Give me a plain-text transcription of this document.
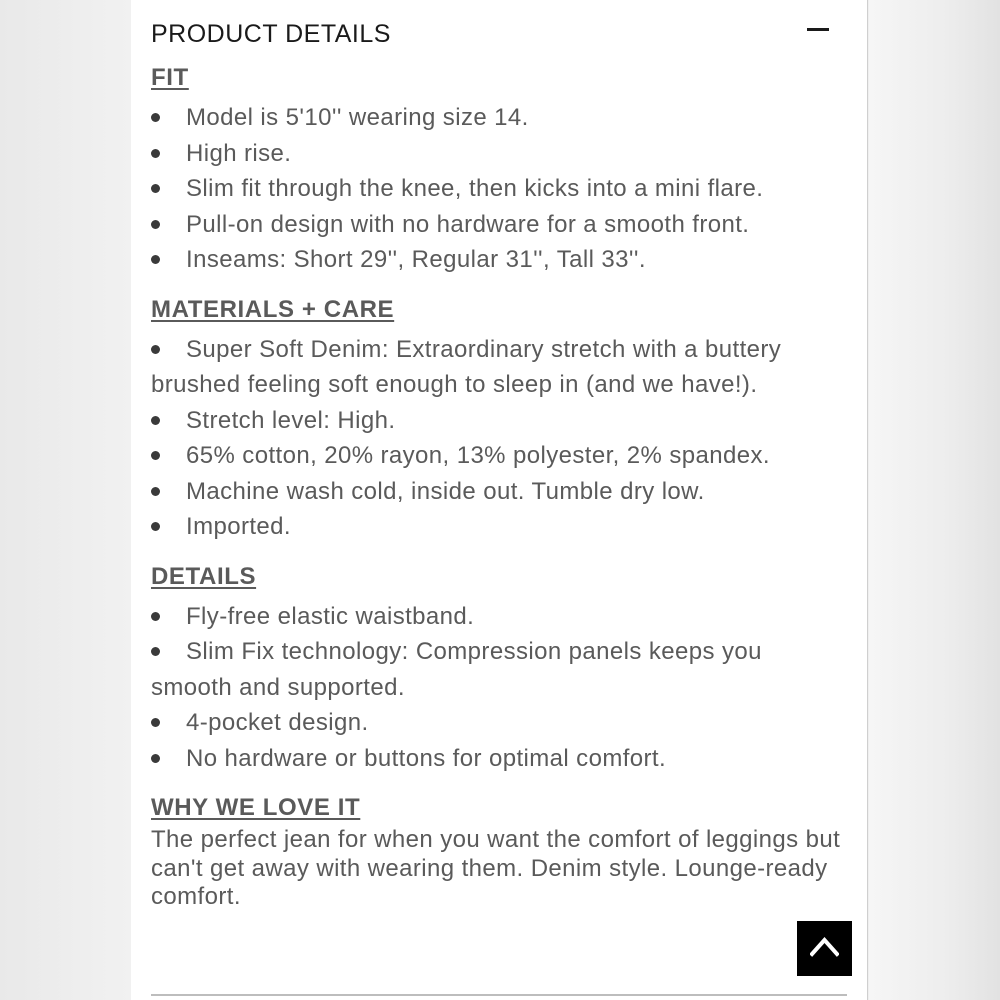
PRODUCT DETAILS
FIT
Model is 5'10'' wearing size 14.
High rise.
Slim fit through the knee, then kicks into a mini flare.
Pull-on design with no hardware for a smooth front.
Inseams: Short 29'', Regular 31'', Tall 33''.
MATERIALS + CARE
Super Soft Denim: Extraordinary stretch with a buttery brushed feeling soft enough to sleep in (and we have!).
Stretch level: High.
65% cotton, 20% rayon, 13% polyester, 2% spandex.
Machine wash cold, inside out. Tumble dry low.
Imported.
DETAILS
Fly-free elastic waistband.
Slim Fix technology: Compression panels keeps you smooth and supported.
4-pocket design.
No hardware or buttons for optimal comfort.
WHY WE LOVE IT

The perfect jean for when you want the comfort of leggings but can't get away with wearing them. Denim style. Lounge-ready comfort.
